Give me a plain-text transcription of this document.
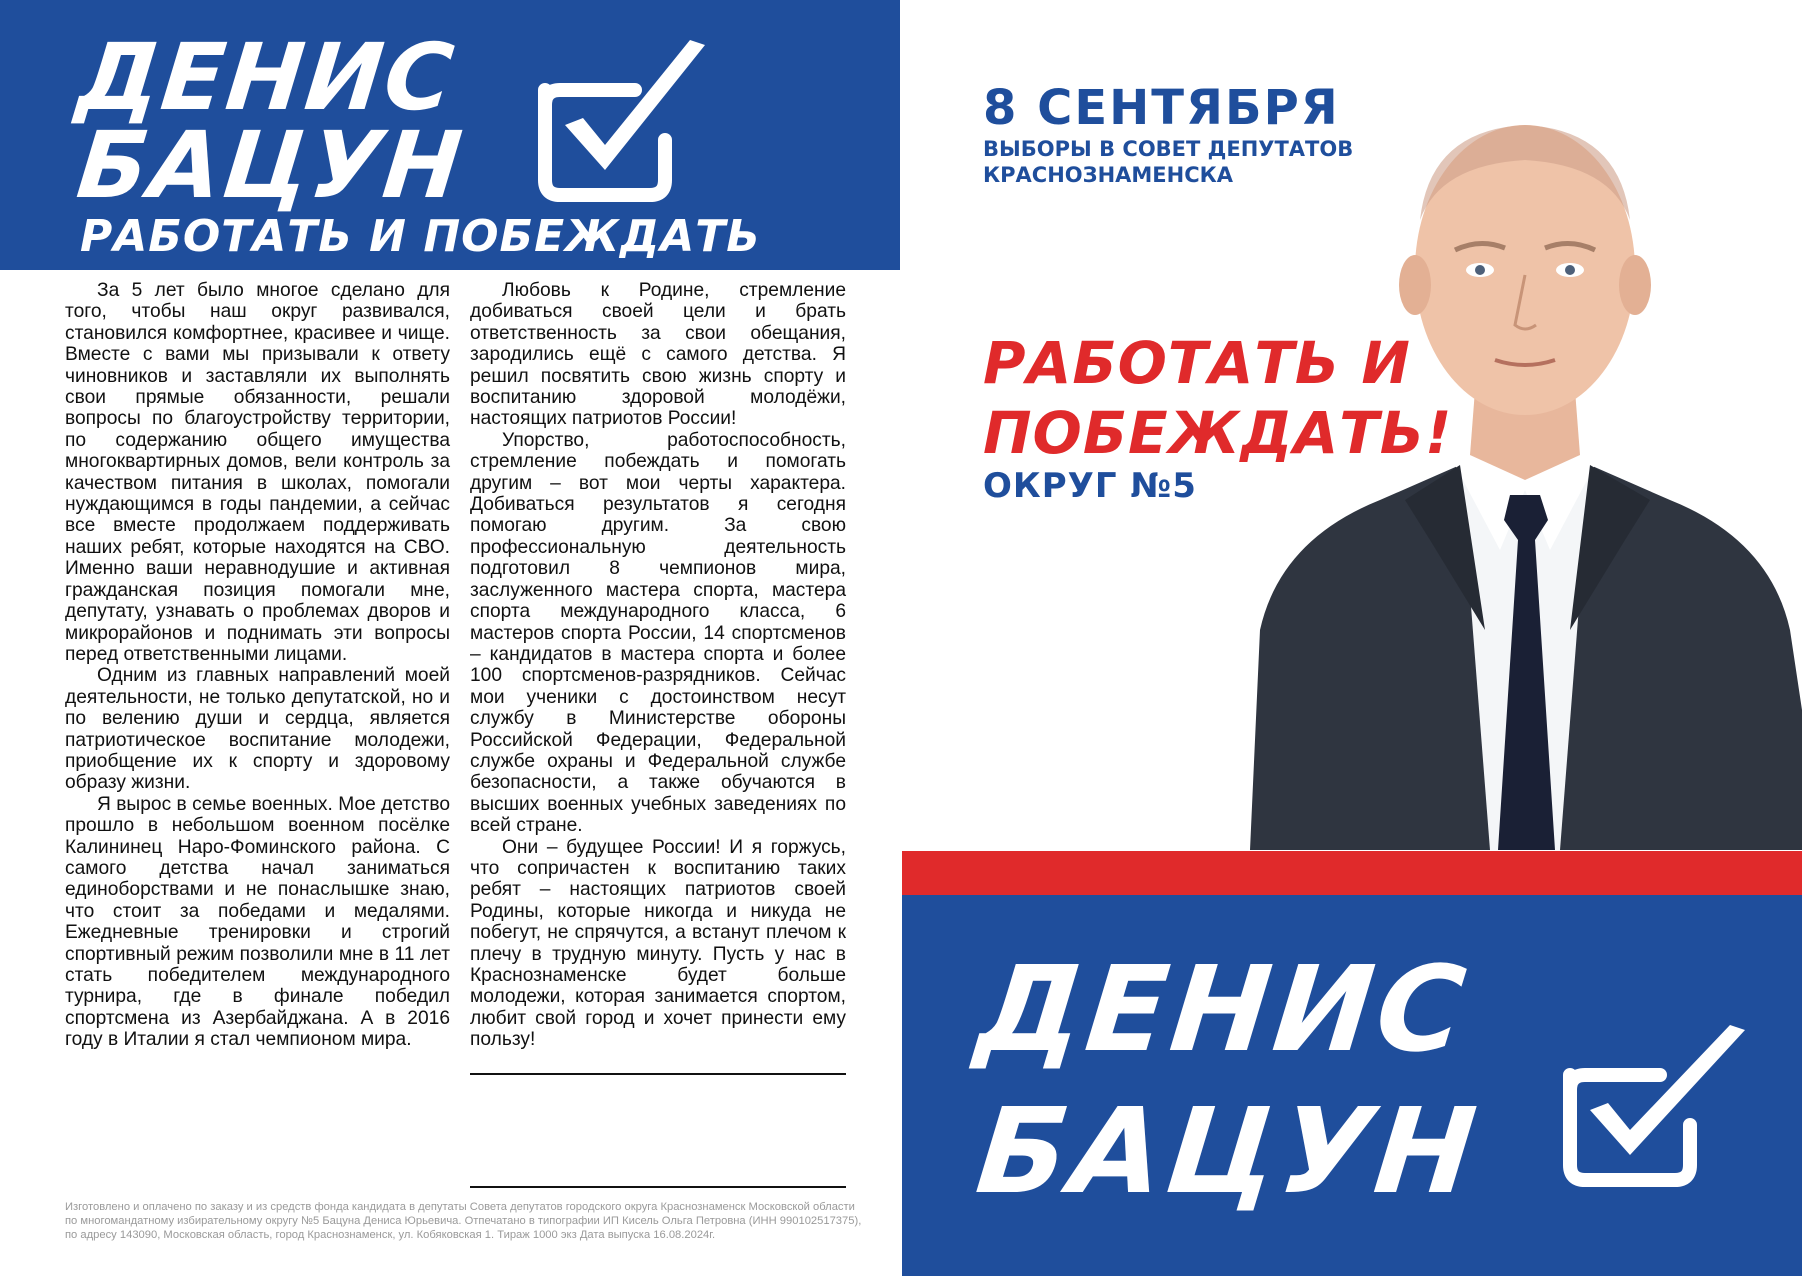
ДЕНИС
БАЦУН
РАБОТАТЬ И ПОБЕЖДАТЬ

За 5 лет было многое сделано для того, чтобы наш округ развивался, становился комфортнее, красивее и чище. Вместе с вами мы призывали к ответу чиновников и заставляли их выполнять свои прямые обязанности, решали вопросы по благоустройству территории, по содержанию общего имущества многоквартирных домов, вели контроль за качеством питания в школах, помогали нуждающимся в годы пандемии, а сейчас все вместе продолжаем поддерживать наших ребят, которые находятся на СВО. Именно ваши неравнодушие и активная гражданская позиция помогали мне, депутату, узнавать о проблемах дворов и микрорайонов и поднимать эти вопросы перед ответственными лицами.

Одним из главных направлений моей деятельности, не только депутатской, но и по велению души и сердца, является патриотическое воспитание молодежи, приобщение их к спорту и здоровому образу жизни.

Я вырос в семье военных. Мое детство прошло в небольшом военном посёлке Калининец Наро-Фоминского района. С самого детства начал заниматься единоборствами и не понаслышке знаю, что стоит за победами и медалями. Ежедневные тренировки и строгий спортивный режим позволили мне в 11 лет стать победителем международного турнира, где в финале победил спортсмена из Азербайджана. А в 2016 году в Италии я стал чемпионом мира.

Любовь к Родине, стремление добиваться своей цели и брать ответственность за свои обещания, зародились ещё с самого детства. Я решил посвятить свою жизнь спорту и воспитанию здоровой молодёжи, настоящих патриотов России!

Упорство, работоспособность, стремление побеждать и помогать другим – вот мои черты характера. Добиваться результатов я сегодня помогаю другим. За свою профессиональную деятельность подготовил 8 чемпионов мира, заслуженного мастера спорта, мастера спорта международного класса, 6 мастеров спорта России, 14 спортсменов – кандидатов в мастера спорта и более 100 спортсменов-разрядников. Сейчас мои ученики с достоинством несут службу в Министерстве обороны Российской Федерации, Федеральной службе охраны и Федеральной службе безопасности, а также обучаются в высших военных учебных заведениях по всей стране.

Они – будущее России! И я горжусь, что сопричастен к воспитанию таких ребят – настоящих патриотов своей Родины, которые никогда и никуда не побегут, не спрячутся, а встанут плечом к плечу в трудную минуту. Пусть у нас в Краснознаменске будет больше молодежи, которая занимается спортом, любит свой город и хочет принести ему пользу!

Изготовлено и оплачено по заказу и из средств фонда кандидата в депутаты Совета депутатов городского округа Краснознаменск Московской области по многомандатному избирательному округу №5 Бацуна Дениса Юрьевича. Отпечатано в типографии ИП Кисель Ольга Петровна (ИНН 990102517375), по адресу 143090, Московская область, город Краснознаменск, ул. Кобяковская 1. Тираж 1000 экз Дата выпуска 16.08.2024г.
8 СЕНТЯБРЯ
ВЫБОРЫ В СОВЕТ ДЕПУТАТОВ
КРАСНОЗНАМЕНСКА
РАБОТАТЬ И
ПОБЕЖДАТЬ!
ОКРУГ №5
ДЕНИС
БАЦУН
